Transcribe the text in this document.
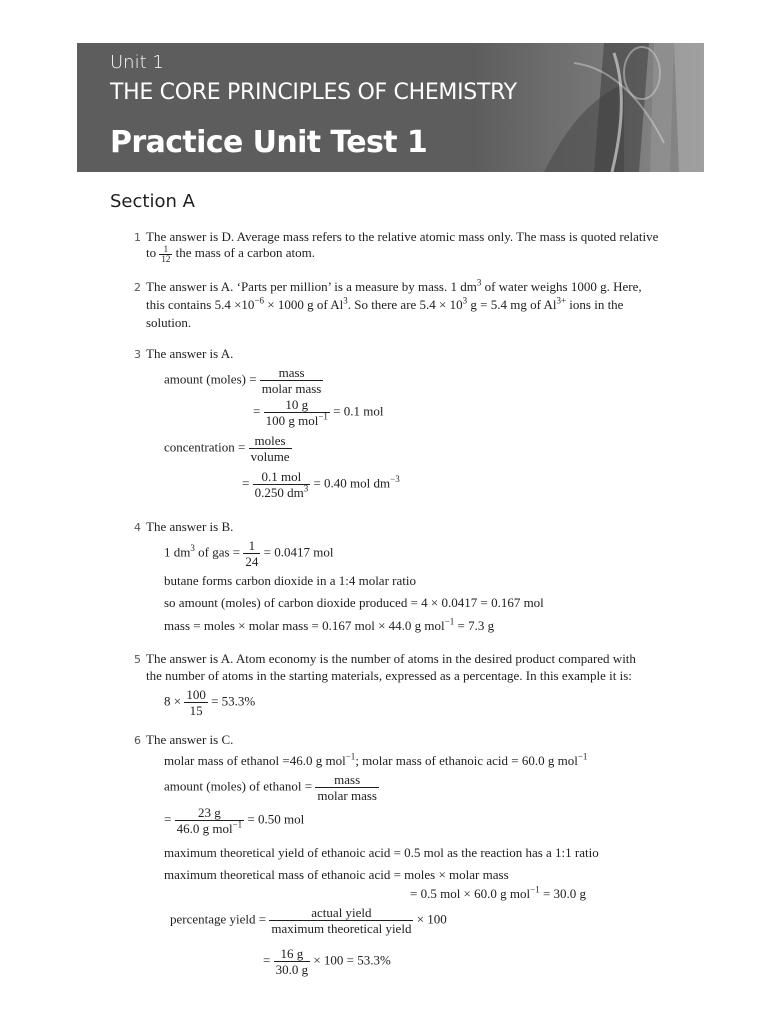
Unit 1
THE CORE PRINCIPLES OF CHEMISTRY
Practice Unit Test 1
Section A
1 The answer is D. Average mass refers to the relative atomic mass only. The mass is quoted relative
to $\frac{1}{12}$ the mass of a carbon atom.
2 The answer is A. ‘Parts per million’ is a measure by mass. 1 $dm^3$ of water weighs 1000 g. Here,
this contains $5.4 \times 10^{-6} \times 1000$ g of Al$^3$. So there are $5.4 \times 10^3$ g = 5.4 mg of $Al^{3+}$ ions in the
solution.
3 The answer is A.
amount (moles) = $\frac{\text{mass}}{\text{molar mass}}$
= $\frac{10 g}{100 g mol^{-1}} = 0.1$ mol
concentration = $\frac{\text{moles}}{\text{volume}}$
= $\frac{\text{0.1 mol}}{0.250 dm^3} = 0.40$ mol $dm^{-3}$
4 The answer is B.
1 $dm^3$ of gas = $\frac{1}{24} = 0.0417$ mol
butane forms carbon dioxide in a 1:4 molar ratio
so amount (moles) of carbon dioxide produced = 4 × 0.0417 = 0.167 mol
mass = moles × molar mass = 0.167 mol × 44.0 g mol$^{-1}$ = 7.3 g
5 The answer is A. Atom economy is the number of atoms in the desired product compared with
the number of atoms in the starting materials, expressed as a percentage. In this example it is:
$8 \times \frac{100}{15} = 53.3\%$
6 The answer is C.
molar mass of ethanol =46.0 g mol$^{-1}$; molar mass of ethanoic acid = 60.0 g mol$^{-1}$
amount (moles) of ethanol = $\frac{\text{mass}}{\text{molar mass}}$
= $\frac{23 g}{46.0 g mol^{-1}} = 0.50$ mol
maximum theoretical yield of ethanoic acid = 0.5 mol as the reaction has a 1:1 ratio
maximum theoretical mass of ethanoic acid = moles × molar mass
= 0.5 mol × 60.0 g mol$^{-1}$ = 30.0 g
percentage yield = $\frac{\text{actual yield}}{\text{maximum theoretical yield}} \times 100$
= $\frac{16 g}{30.0 g} \times 100 = 53.3\%$
